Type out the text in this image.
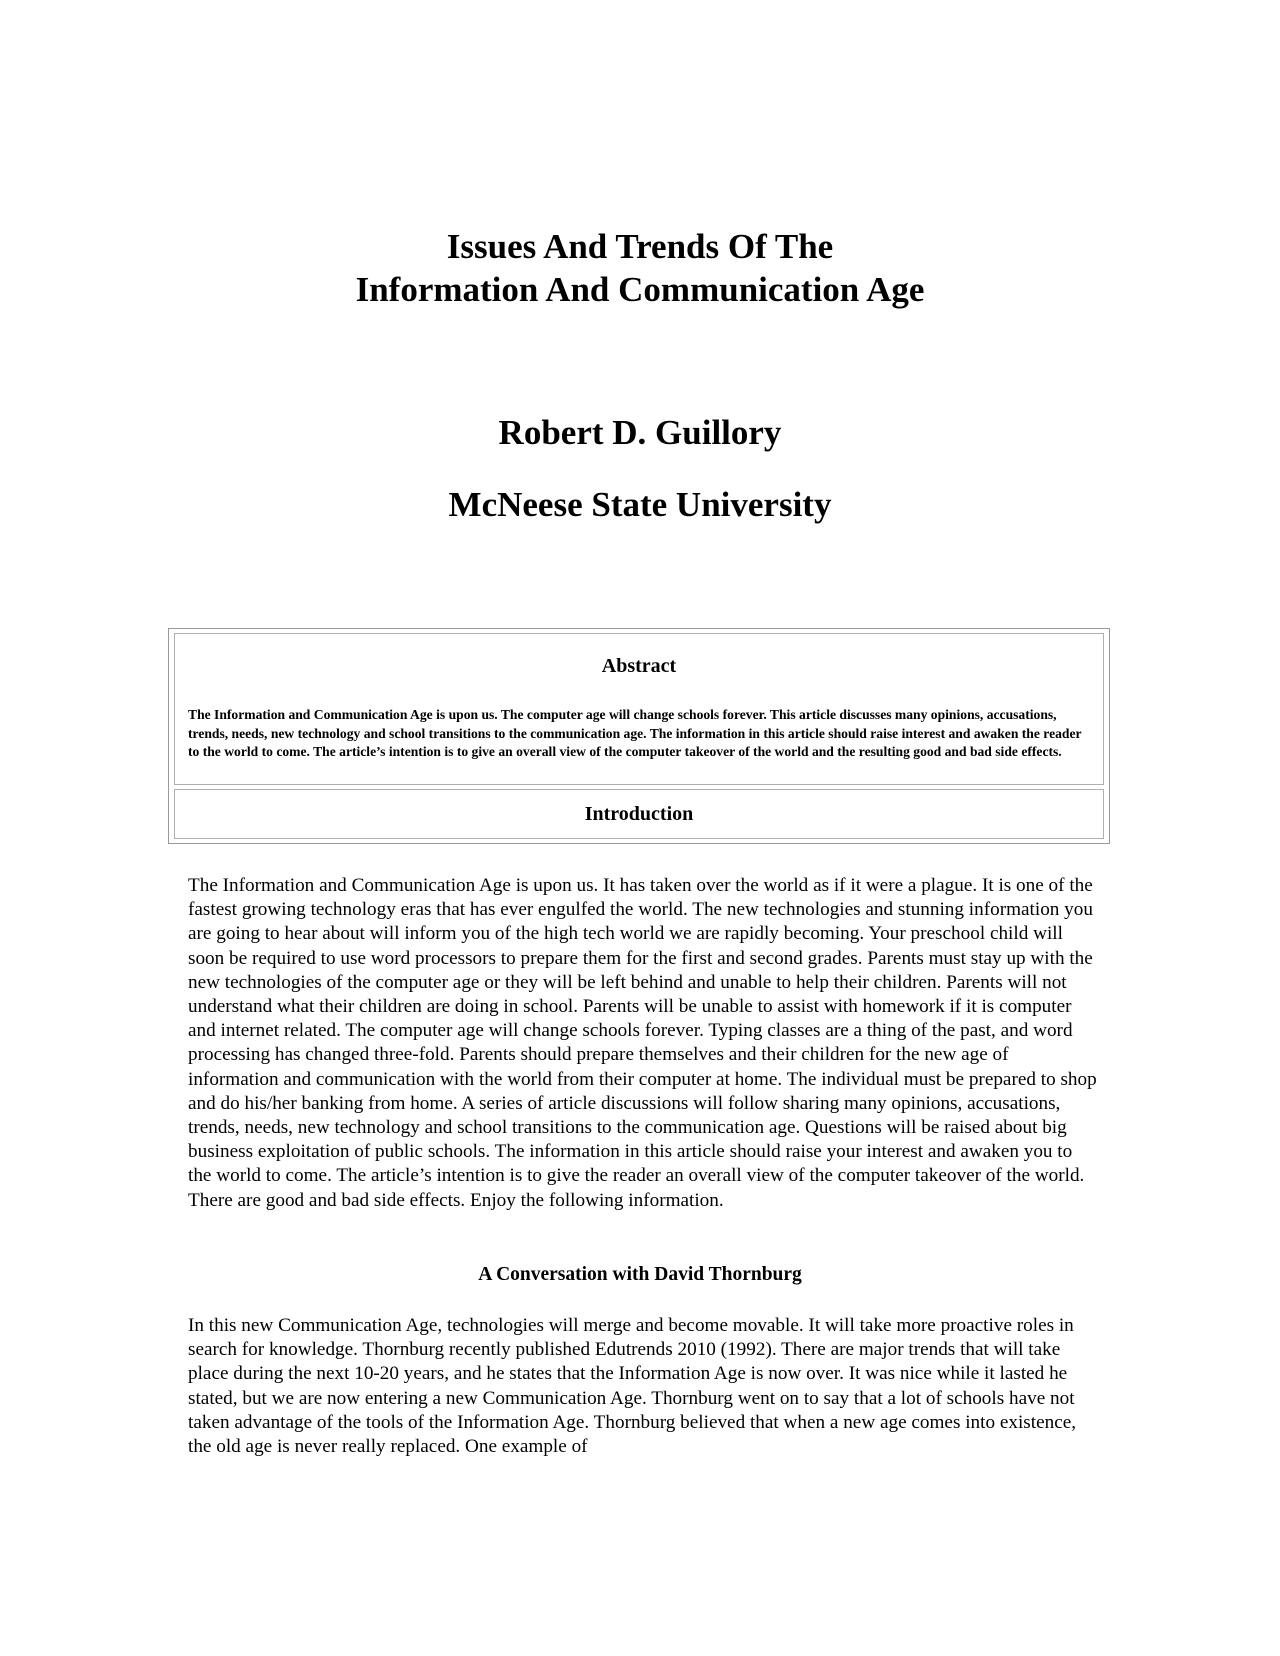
Issues And Trends Of The
Information And Communication Age
Robert D. Guillory
McNeese State University
Abstract
The Information and Communication Age is upon us. The computer age will change schools forever. This article discusses many opinions, accusations, trends, needs, new technology and school transitions to the communication age. The information in this article should raise interest and awaken the reader to the world to come. The article’s intention is to give an overall view of the computer takeover of the world and the resulting good and bad side effects.
Introduction

The Information and Communication Age is upon us. It has taken over the world as if it were a plague. It is one of the fastest growing technology eras that has ever engulfed the world. The new technologies and stunning information you are going to hear about will inform you of the high tech world we are rapidly becoming. Your preschool child will soon be required to use word processors to prepare them for the first and second grades. Parents must stay up with the new technologies of the computer age or they will be left behind and unable to help their children. Parents will not understand what their children are doing in school. Parents will be unable to assist with homework if it is computer and internet related. The computer age will change schools forever. Typing classes are a thing of the past, and word processing has changed three-fold. Parents should prepare themselves and their children for the new age of information and communication with the world from their computer at home. The individual must be prepared to shop and do his/her banking from home. A series of article discussions will follow sharing many opinions, accusations, trends, needs, new technology and school transitions to the communication age. Questions will be raised about big business exploitation of public schools. The information in this article should raise your interest and awaken you to the world to come. The article’s intention is to give the reader an overall view of the computer takeover of the world. There are good and bad side effects. Enjoy the following information.

A Conversation with David Thornburg

In this new Communication Age, technologies will merge and become movable. It will take more proactive roles in search for knowledge. Thornburg recently published Edutrends 2010 (1992). There are major trends that will take place during the next 10-20 years, and he states that the Information Age is now over. It was nice while it lasted he stated, but we are now entering a new Communication Age. Thornburg went on to say that a lot of schools have not taken advantage of the tools of the Information Age. Thornburg believed that when a new age comes into existence, the old age is never really replaced. One example of
